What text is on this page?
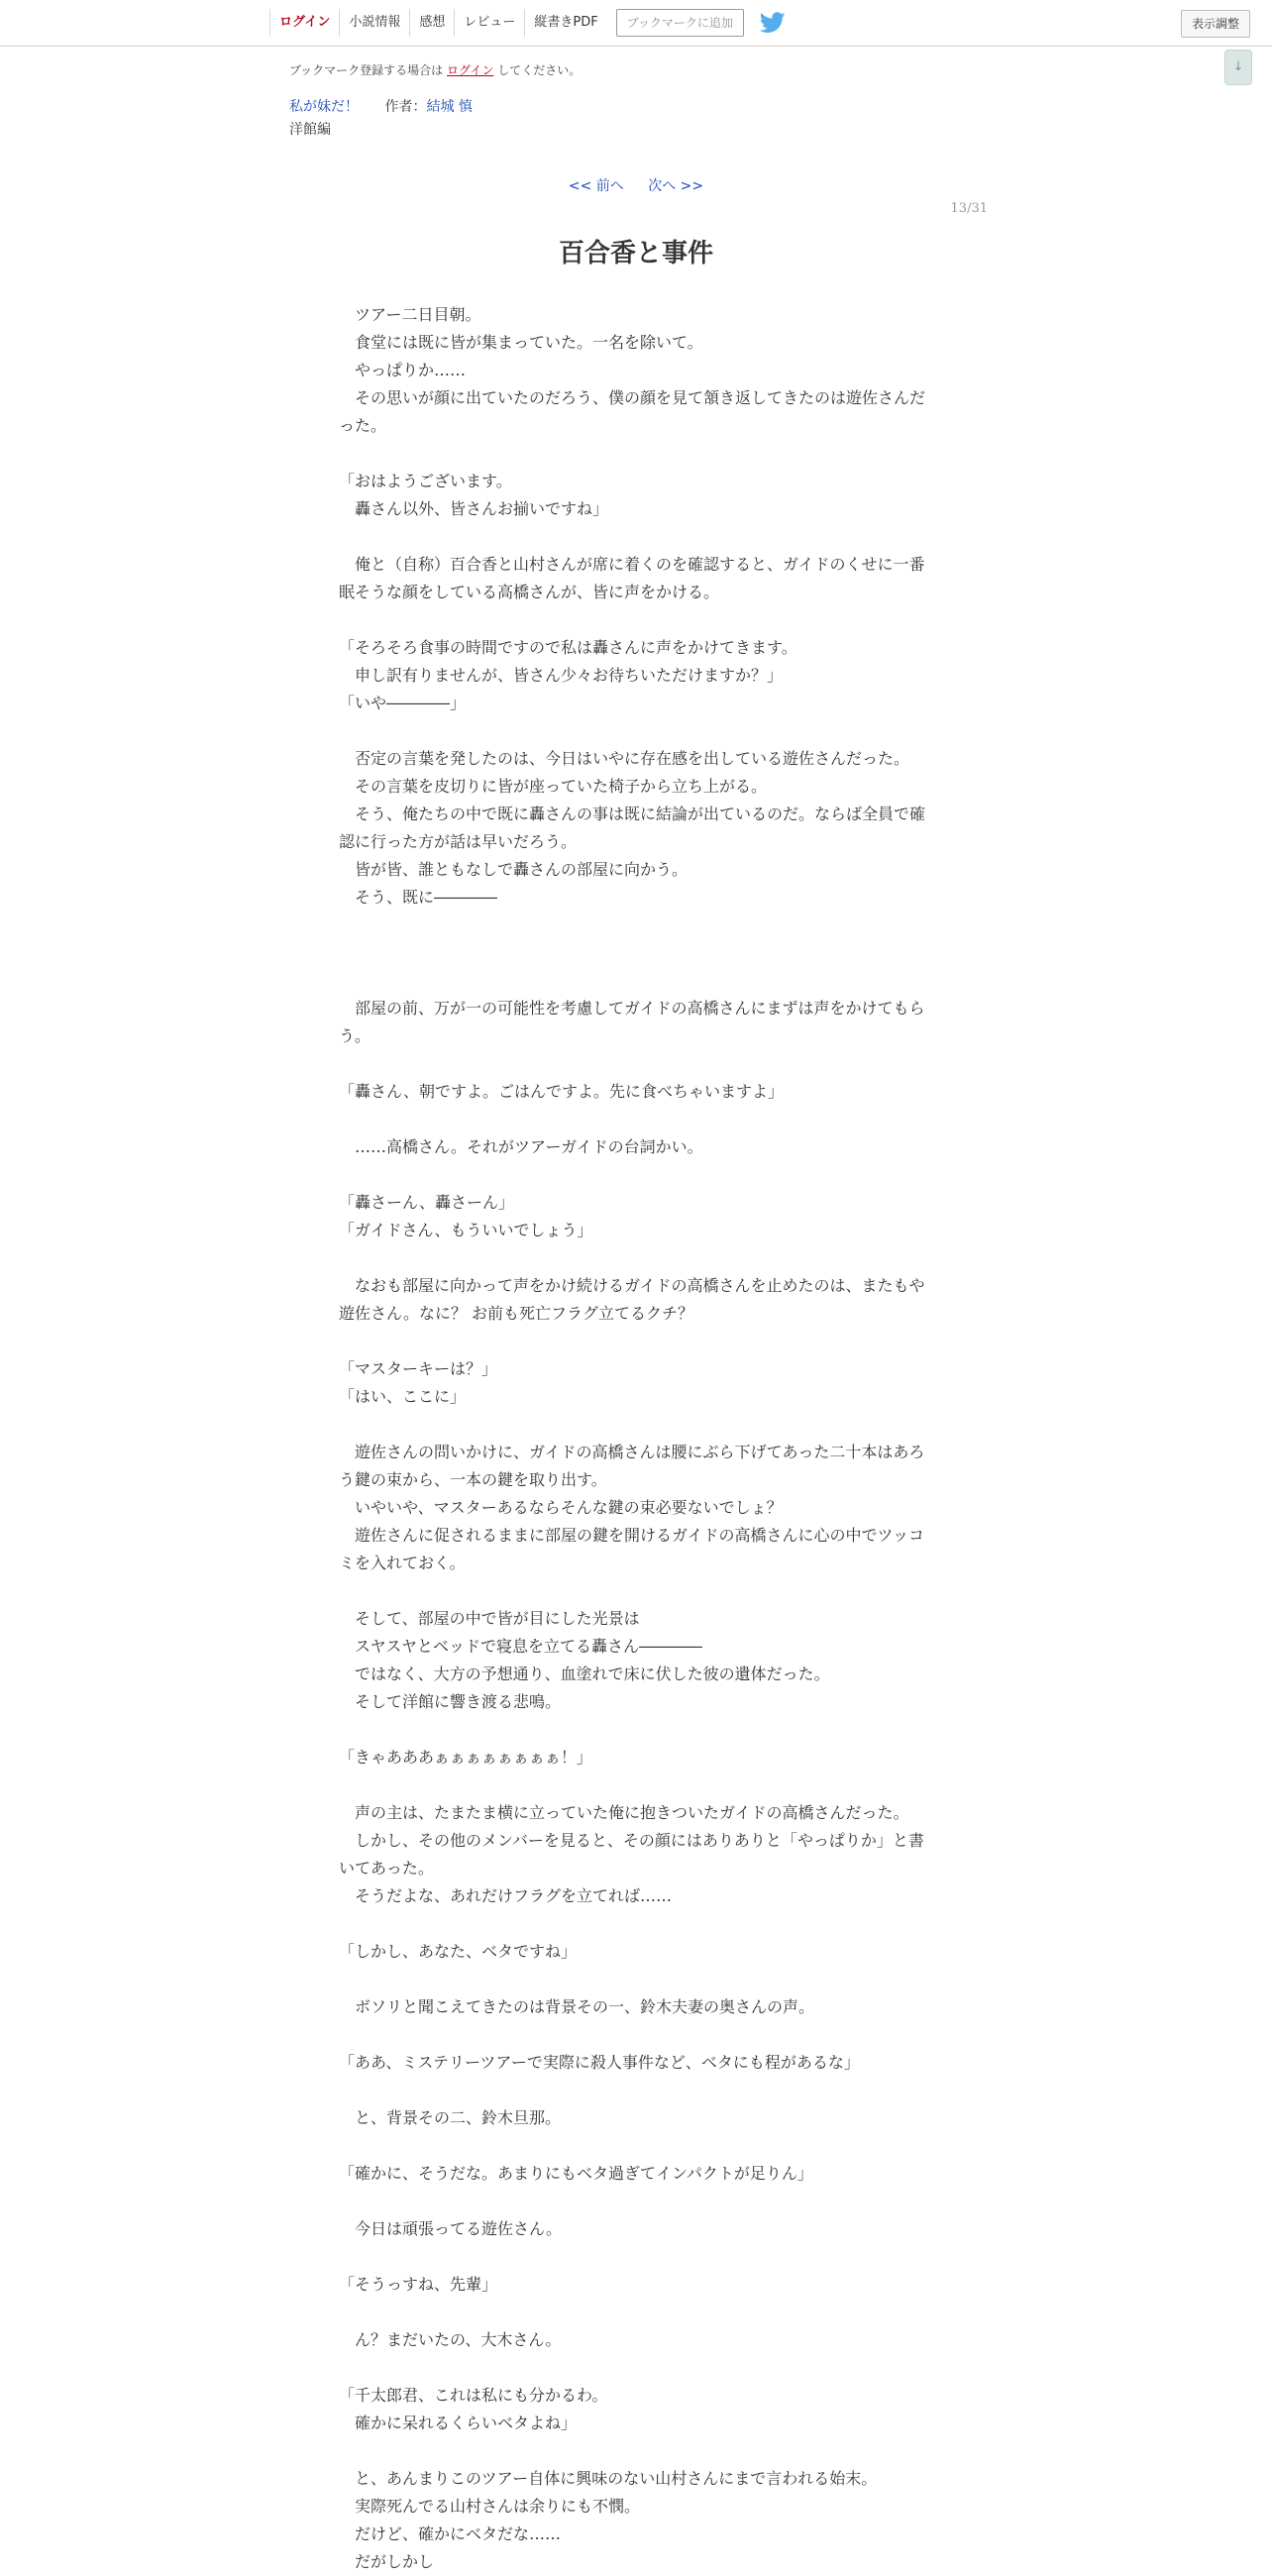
ログイン	小説情報	感想	レビュー	縦書きPDF	ブックマークに追加	表示調整
↓
ブックマーク登録する場合は ログイン してください。
私が妹だ！ 作者：結城 慎
洋館編
<< 前へ 次へ >>
13/31
百合香と事件
　ツアー二日目朝。
　食堂には既に皆が集まっていた。一名を除いて。
　やっぱりか……
　その思いが顔に出ていたのだろう、僕の顔を見て頷き返してきたのは遊佐さんだった。
「おはようございます。
　轟さん以外、皆さんお揃いですね」
　俺と（自称）百合香と山村さんが席に着くのを確認すると、ガイドのくせに一番眠そうな顔をしている高橋さんが、皆に声をかける。
「そろそろ食事の時間ですので私は轟さんに声をかけてきます。
　申し訳有りませんが、皆さん少々お待ちいただけますか？」
「いや――――」
　否定の言葉を発したのは、今日はいやに存在感を出している遊佐さんだった。
　その言葉を皮切りに皆が座っていた椅子から立ち上がる。
　そう、俺たちの中で既に轟さんの事は既に結論が出ているのだ。ならば全員で確認に行った方が話は早いだろう。
　皆が皆、誰ともなしで轟さんの部屋に向かう。
　そう、既に――――
　部屋の前、万が一の可能性を考慮してガイドの高橋さんにまずは声をかけてもらう。
「轟さん、朝ですよ。ごはんですよ。先に食べちゃいますよ」
　……高橋さん。それがツアーガイドの台詞かい。
「轟さーん、轟さーん」
「ガイドさん、もういいでしょう」
　なおも部屋に向かって声をかけ続けるガイドの高橋さんを止めたのは、またもや遊佐さん。なに？ お前も死亡フラグ立てるクチ？
「マスターキーは？」
「はい、ここに」
　遊佐さんの問いかけに、ガイドの高橋さんは腰にぶら下げてあった二十本はあろう鍵の束から、一本の鍵を取り出す。
　いやいや、マスターあるならそんな鍵の束必要ないでしょ？
　遊佐さんに促されるままに部屋の鍵を開けるガイドの高橋さんに心の中でツッコミを入れておく。
　そして、部屋の中で皆が目にした光景は
　スヤスヤとベッドで寝息を立てる轟さん――――
　ではなく、大方の予想通り、血塗れで床に伏した彼の遺体だった。
　そして洋館に響き渡る悲鳴。
「きゃあああぁぁぁぁぁぁぁぁ！」
　声の主は、たまたま横に立っていた俺に抱きついたガイドの高橋さんだった。
　しかし、その他のメンバーを見ると、その顔にはありありと「やっぱりか」と書いてあった。
　そうだよな、あれだけフラグを立てれば……
「しかし、あなた、ベタですね」
　ボソリと聞こえてきたのは背景その一、鈴木夫妻の奥さんの声。
「ああ、ミステリーツアーで実際に殺人事件など、ベタにも程があるな」
　と、背景その二、鈴木旦那。
「確かに、そうだな。あまりにもベタ過ぎてインパクトが足りん」
　今日は頑張ってる遊佐さん。
「そうっすね、先輩」
　ん？まだいたの、大木さん。
「千太郎君、これは私にも分かるわ。
　確かに呆れるくらいベタよね」
　と、あんまりこのツアー自体に興味のない山村さんにまで言われる始末。
　実際死んでる山村さんは余りにも不憫。
　だけど、確かにベタだな……
　だがしかし
